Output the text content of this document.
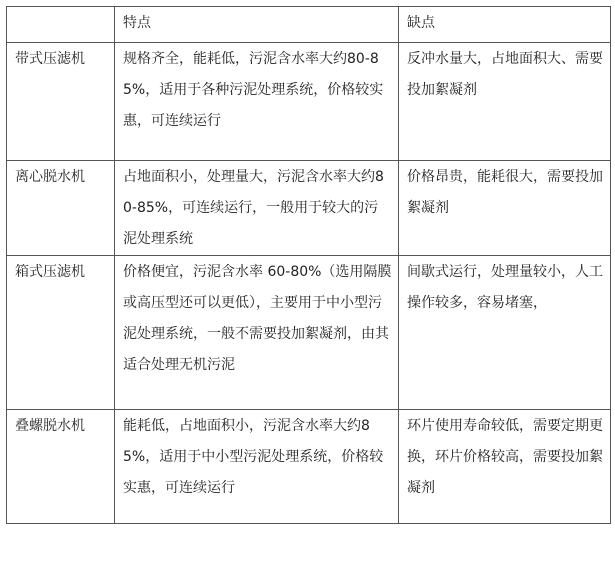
	特点	缺点
带式压滤机	规格齐全，能耗低，污泥含水率大约80-85%，适用于各种污泥处理系统，价格较实惠，可连续运行	反冲水量大，占地面积大、需要投加絮凝剂
离心脱水机	占地面积小，处理量大，污泥含水率大约80-85%，可连续运行，一般用于较大的污泥处理系统	价格昂贵，能耗很大，需要投加絮凝剂
箱式压滤机	价格便宜，污泥含水率 60-80%（选用隔膜或高压型还可以更低），主要用于中小型污泥处理系统，一般不需要投加絮凝剂，由其适合处理无机污泥	间歇式运行，处理量较小，人工操作较多，容易堵塞，
叠螺脱水机	能耗低，占地面积小，污泥含水率大约85%，适用于中小型污泥处理系统，价格较实惠，可连续运行	环片使用寿命较低，需要定期更换，环片价格较高，需要投加絮凝剂
